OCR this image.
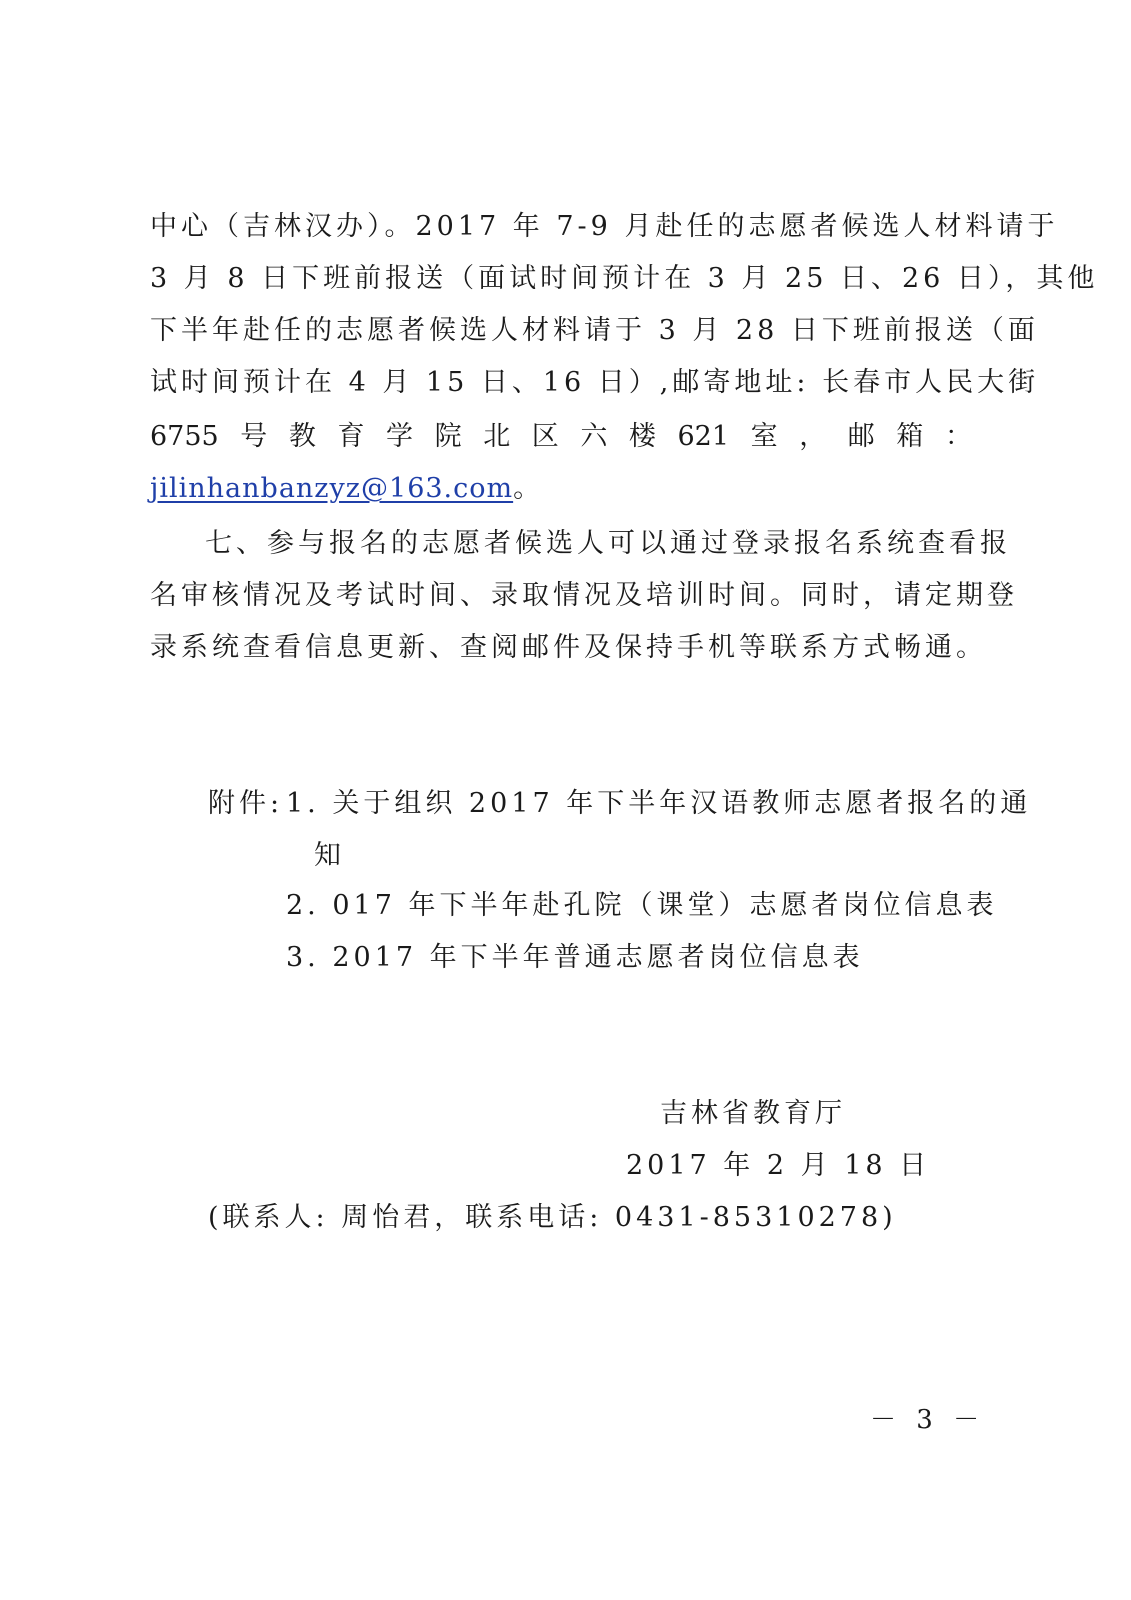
中心（吉林汉办）。2017 年 7-9 月赴任的志愿者候选人材料请于
3 月 8 日下班前报送（面试时间预计在 3 月 25 日、26 日），其他
下半年赴任的志愿者候选人材料请于 3 月 28 日下班前报送（面
试时间预计在 4 月 15 日、16 日）,邮寄地址: 长春市人民大街
6755 号 教 育 学 院 北 区 六 楼 621 室 ， 邮 箱 ：
jilinhanbanzyz@163.com。
七、参与报名的志愿者候选人可以通过登录报名系统查看报
名审核情况及考试时间、录取情况及培训时间。同时，请定期登
录系统查看信息更新、查阅邮件及保持手机等联系方式畅通。
附件: 1. 关于组织 2017 年下半年汉语教师志愿者报名的通
知
2. 017 年下半年赴孔院（课堂）志愿者岗位信息表
3. 2017 年下半年普通志愿者岗位信息表
吉林省教育厅
2017 年 2 月 18 日
(联系人: 周怡君，联系电话: 0431-85310278)
－ 3 －
